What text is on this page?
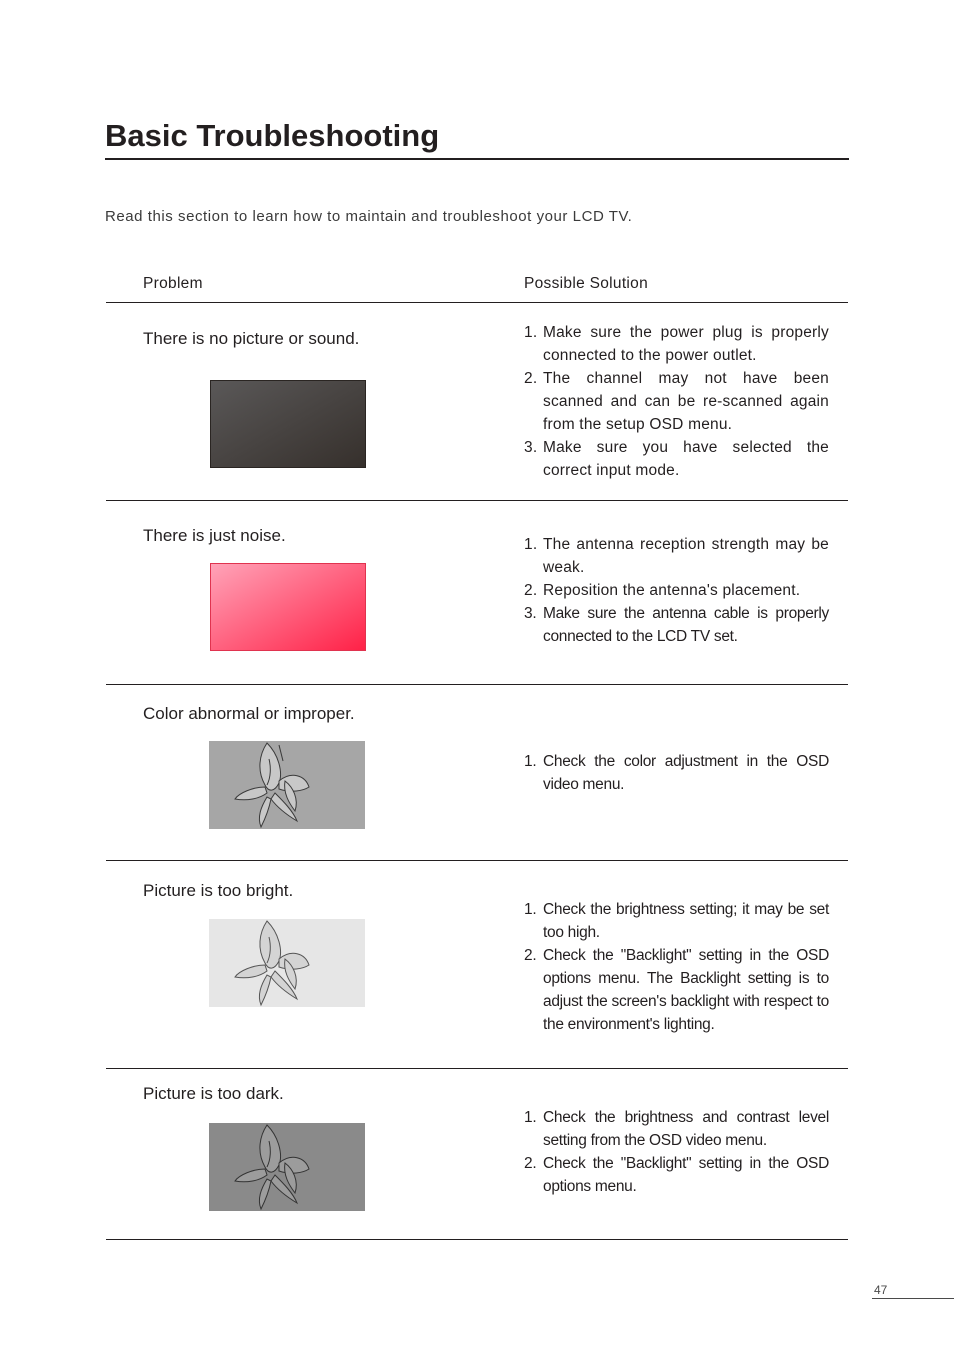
Basic Troubleshooting
Read this section to learn how to maintain and troubleshoot your LCD TV.
Problem	Possible Solution
There is no picture or sound.	1. Make sure the power plug is properly connected to the power outlet.
2. The channel may not have been scanned and can be re-scanned again from the setup OSD menu.
3. Make sure you have selected the correct input mode.
There is just noise.	1. The antenna reception strength may be weak.
2. Reposition the antenna's placement.
3. Make sure the antenna cable is properly connected to the LCD TV set.
Color abnormal or improper.
1. Check the color adjustment in the OSD video menu.
Picture is too bright.
1. Check the brightness setting; it may be set too high.
2. Check the "Backlight" setting in the OSD options menu. The Backlight setting is to adjust the screen's backlight with respect to the environment's lighting.
Picture is too dark.
1. Check the brightness and contrast level setting from the OSD video menu.
2. Check the "Backlight" setting in the OSD options menu.
47
